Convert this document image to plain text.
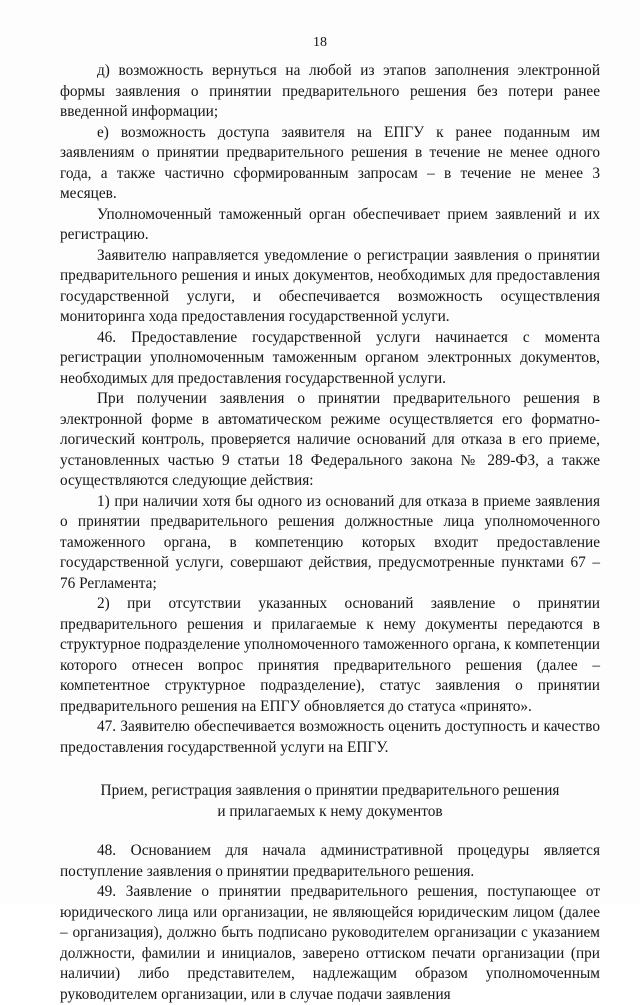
18

д) возможность вернуться на любой из этапов заполнения электронной формы заявления о принятии предварительного решения без потери ранее введенной информации;

е) возможность доступа заявителя на ЕПГУ к ранее поданным им заявлениям о принятии предварительного решения в течение не менее одного года, а также частично сформированным запросам – в течение не менее 3 месяцев.

Уполномоченный таможенный орган обеспечивает прием заявлений и их регистрацию.

Заявителю направляется уведомление о регистрации заявления о принятии предварительного решения и иных документов, необходимых для предоставления государственной услуги, и обеспечивается возможность осуществления мониторинга хода предоставления государственной услуги.

46. Предоставление государственной услуги начинается с момента регистрации уполномоченным таможенным органом электронных документов, необходимых для предоставления государственной услуги.

При получении заявления о принятии предварительного решения в электронной форме в автоматическом режиме осуществляется его форматно-логический контроль, проверяется наличие оснований для отказа в его приеме, установленных частью 9 статьи 18 Федерального закона № 289-ФЗ, а также осуществляются следующие действия:

1) при наличии хотя бы одного из оснований для отказа в приеме заявления о принятии предварительного решения должностные лица уполномоченного таможенного органа, в компетенцию которых входит предоставление государственной услуги, совершают действия, предусмотренные пунктами 67 – 76 Регламента;

2) при отсутствии указанных оснований заявление о принятии предварительного решения и прилагаемые к нему документы передаются в структурное подразделение уполномоченного таможенного органа, к компетенции которого отнесен вопрос принятия предварительного решения (далее – компетентное структурное подразделение), статус заявления о принятии предварительного решения на ЕПГУ обновляется до статуса «принято».

47. Заявителю обеспечивается возможность оценить доступность и качество предоставления государственной услуги на ЕПГУ.

Прием, регистрация заявления о принятии предварительного решения и прилагаемых к нему документов

48. Основанием для начала административной процедуры является поступление заявления о принятии предварительного решения.

49. Заявление о принятии предварительного решения, поступающее от юридического лица или организации, не являющейся юридическим лицом (далее – организация), должно быть подписано руководителем организации с указанием должности, фамилии и инициалов, заверено оттиском печати организации (при наличии) либо представителем, надлежащим образом уполномоченным руководителем организации, или в случае подачи заявления
